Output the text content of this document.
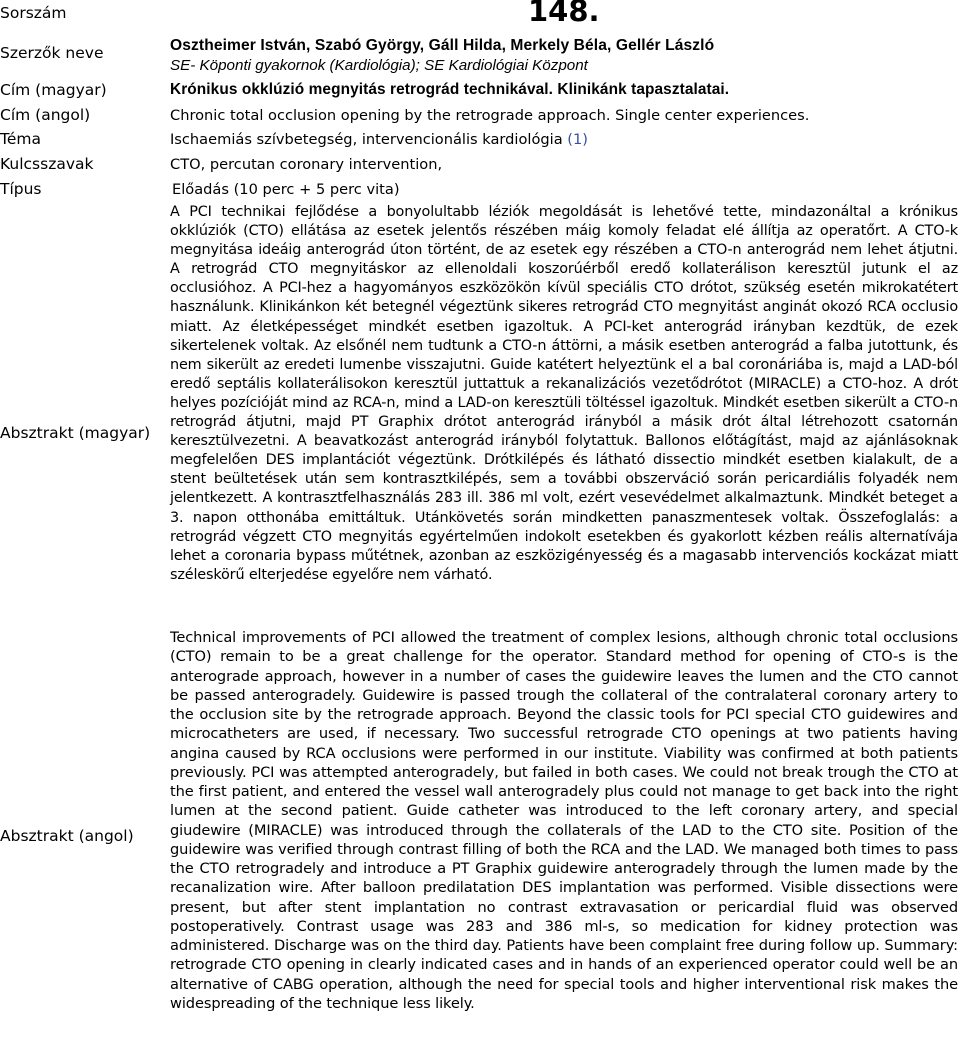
Sorszám
Szerzők neve
Cím (magyar)
Cím (angol)
Téma
Kulcsszavak
Típus
Absztrakt (magyar)
Absztrakt (angol)
148.
Osztheimer István, Szabó György, Gáll Hilda, Merkely Béla, Gellér László
SE- Köponti gyakornok (Kardiológia); SE Kardiológiai Központ
Krónikus okklúzió megnyitás retrográd technikával. Klinikánk tapasztalatai.
Chronic total occlusion opening by the retrograde approach. Single center experiences.
Ischaemiás szívbetegség, intervencionális kardiológia (1)
CTO, percutan coronary intervention,
Előadás (10 perc + 5 perc vita)
A PCI technikai fejlődése a bonyolultabb léziók megoldását is lehetővé tette, mindazonáltal a krónikus okklúziók (CTO) ellátása az esetek jelentős részében máig komoly feladat elé állítja az operatőrt. A CTO-k megnyitása ideáig anterográd úton történt, de az esetek egy részében a CTO-n anterográd nem lehet átjutni. A retrográd CTO megnyitáskor az ellenoldali koszorúérből eredő kollaterálison keresztül jutunk el az occlusióhoz. A PCI-hez a hagyományos eszközökön kívül speciális CTO drótot, szükség esetén mikrokatétert használunk. Klinikánkon két betegnél végeztünk sikeres retrográd CTO megnyitást anginát okozó RCA occlusio miatt. Az életképességet mindkét esetben igazoltuk. A PCI-ket anterográd irányban kezdtük, de ezek sikertelenek voltak. Az elsőnél nem tudtunk a CTO-n áttörni, a másik esetben anterográd a falba jutottunk, és nem sikerült az eredeti lumenbe visszajutni. Guide katétert helyeztünk el a bal coronáriába is, majd a LAD-ból eredő septális kollaterálisokon keresztül juttattuk a rekanalizációs vezetődrótot (MIRACLE) a CTO-hoz. A drót helyes pozícióját mind az RCA-n, mind a LAD-on keresztüli töltéssel igazoltuk. Mindkét esetben sikerült a CTO-n retrográd átjutni, majd PT Graphix drótot anterográd irányból a másik drót által létrehozott csatornán keresztülvezetni. A beavatkozást anterográd irányból folytattuk. Ballonos előtágítást, majd az ajánlásoknak megfelelően DES implantációt végeztünk. Drótkilépés és látható dissectio mindkét esetben kialakult, de a stent beültetések után sem kontrasztkilépés, sem a további obszerváció során pericardiális folyadék nem jelentkezett. A kontrasztfelhasználás 283 ill. 386 ml volt, ezért vesevédelmet alkalmaztunk. Mindkét beteget a 3. napon otthonába emittáltuk. Utánkövetés során mindketten panaszmentesek voltak. Összefoglalás: a retrográd végzett CTO megnyitás egyértelműen indokolt esetekben és gyakorlott kézben reális alternatívája lehet a coronaria bypass műtétnek, azonban az eszközigényesség és a magasabb intervenciós kockázat miatt széleskörű elterjedése egyelőre nem várható.
Technical improvements of PCI allowed the treatment of complex lesions, although chronic total occlusions (CTO) remain to be a great challenge for the operator. Standard method for opening of CTO-s is the anterograde approach, however in a number of cases the guidewire leaves the lumen and the CTO cannot be passed anterogradely. Guidewire is passed trough the collateral of the contralateral coronary artery to the occlusion site by the retrograde approach. Beyond the classic tools for PCI special CTO guidewires and microcatheters are used, if necessary. Two successful retrograde CTO openings at two patients having angina caused by RCA occlusions were performed in our institute. Viability was confirmed at both patients previously. PCI was attempted anterogradely, but failed in both cases. We could not break trough the CTO at the first patient, and entered the vessel wall anterogradely plus could not manage to get back into the right lumen at the second patient. Guide catheter was introduced to the left coronary artery, and special giudewire (MIRACLE) was introduced through the collaterals of the LAD to the CTO site. Position of the guidewire was verified through contrast filling of both the RCA and the LAD. We managed both times to pass the CTO retrogradely and introduce a PT Graphix guidewire anterogradely through the lumen made by the recanalization wire. After balloon predilatation DES implantation was performed. Visible dissections were present, but after stent implantation no contrast extravasation or pericardial fluid was observed postoperatively. Contrast usage was 283 and 386 ml-s, so medication for kidney protection was administered. Discharge was on the third day. Patients have been complaint free during follow up. Summary: retrograde CTO opening in clearly indicated cases and in hands of an experienced operator could well be an alternative of CABG operation, although the need for special tools and higher interventional risk makes the widespreading of the technique less likely.
